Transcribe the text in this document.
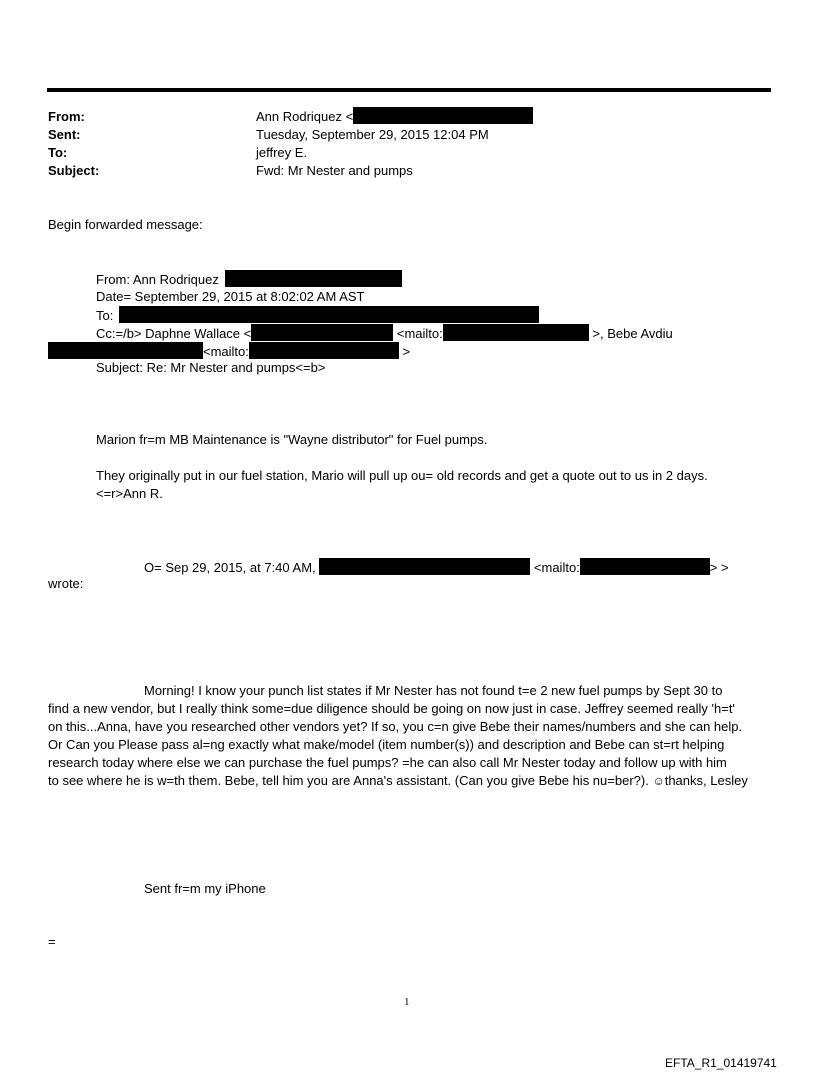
From:	Ann Rodriquez <
Sent:	Tuesday, September 29, 2015 12:04 PM
To:	jeffrey E.
Subject:	Fwd: Mr Nester and pumps
Begin forwarded message:
From: Ann Rodriquez
Date= September 29, 2015 at 8:02:02 AM AST
To:
Cc:=/b> Daphne Wallace <	<mailto:	>, Bebe Avdiu
<mailto:	>
Subject: Re: Mr Nester and pumps<=b>
Marion fr=m MB Maintenance is "Wayne distributor" for Fuel pumps.
They originally put in our fuel station, Mario will pull up ou= old records and get a quote out to us in 2 days.
<=r>Ann R.
O= Sep 29, 2015, at 7:40 AM,	<mailto:	> >
wrote:
Morning! I know your punch list states if Mr Nester has not found t=e 2 new fuel pumps by Sept 30 to
find a new vendor, but I really think some=due diligence should be going on now just in case. Jeffrey seemed really 'h=t'
on this...Anna, have you researched other vendors yet? If so, you c=n give Bebe their names/numbers and she can help.
Or Can you Please pass al=ng exactly what make/model (item number(s)) and description and Bebe can st=rt helping
research today where else we can purchase the fuel pumps? =he can also call Mr Nester today and follow up with him
to see where he is w=th them. Bebe, tell him you are Anna's assistant. (Can you give Bebe his nu=ber?). ☺thanks, Lesley
Sent fr=m my iPhone
=
1
EFTA_R1_01419741
